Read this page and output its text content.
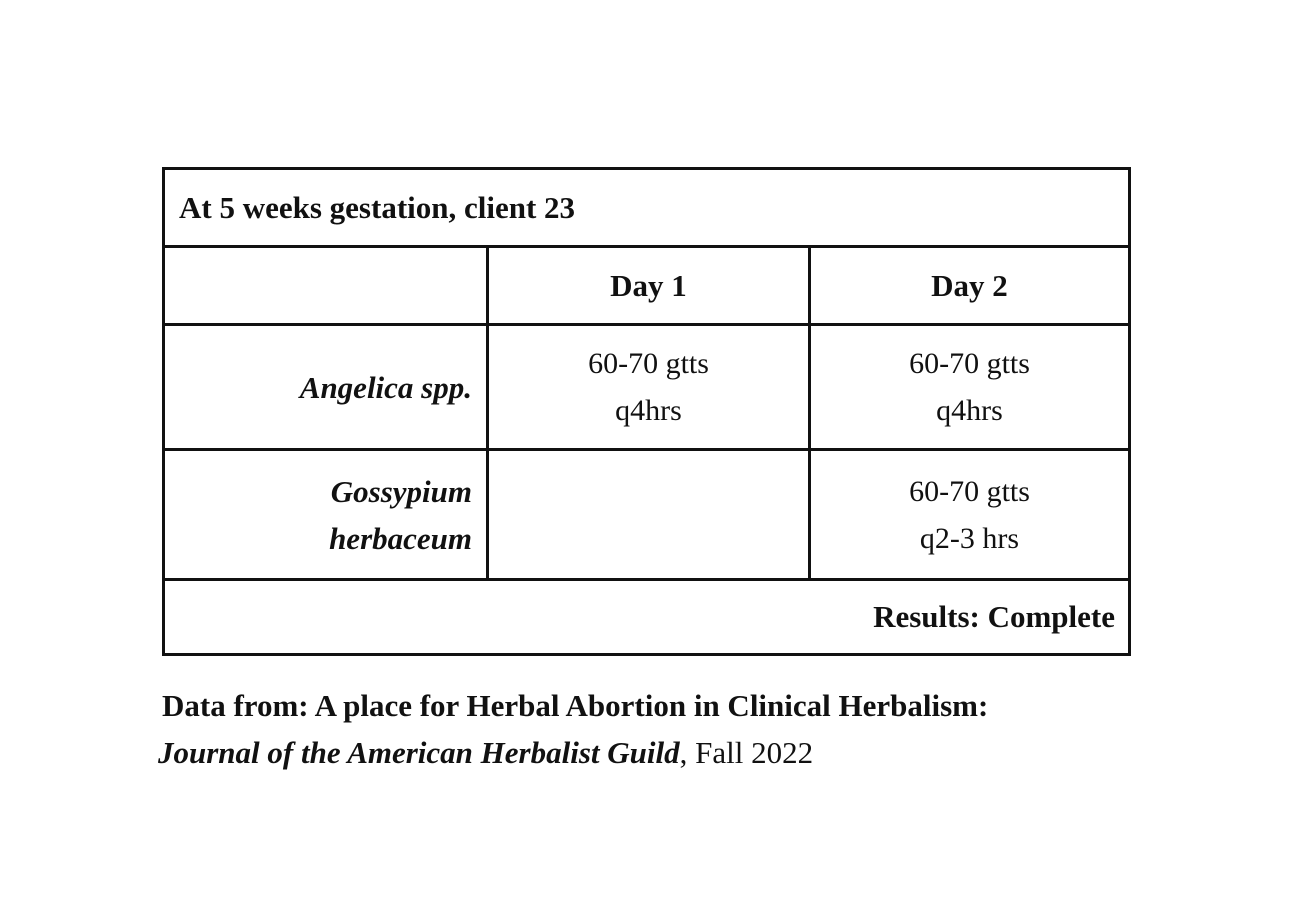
At 5 weeks gestation, client 23
Day 1	Day 2
Angelica spp.
60-70 gtts
q4hrs
60-70 gtts
q4hrs
Gossypium
herbaceum
60-70 gtts
q2-3 hrs
Results: Complete
Data from: A place for Herbal Abortion in Clinical Herbalism:
Journal of the American Herbalist Guild, Fall 2022
